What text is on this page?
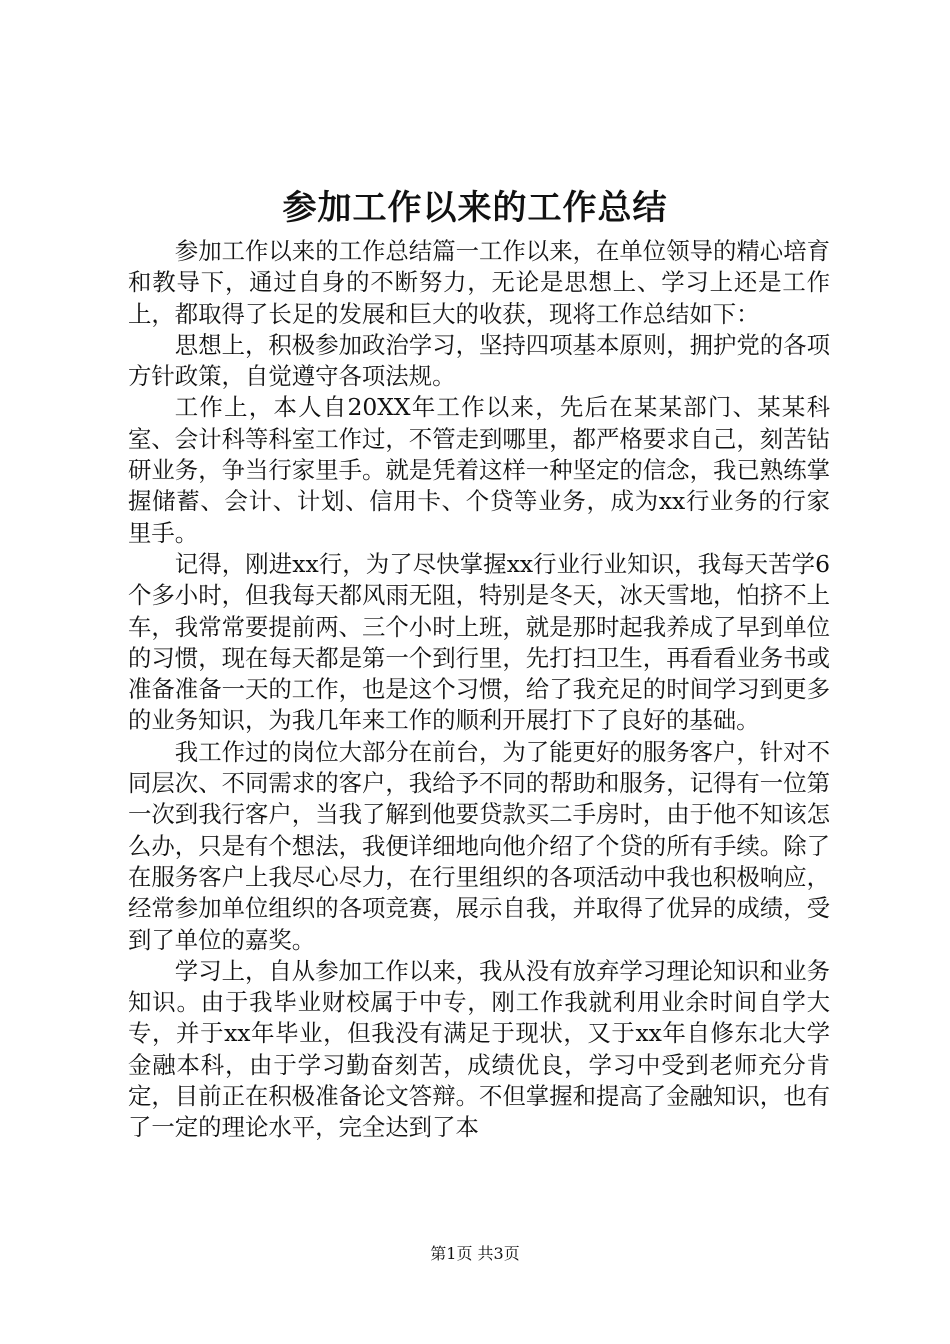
参加工作以来的工作总结

参加工作以来的工作总结篇一工作以来，在单位领导的精心培育和教导下，通过自身的不断努力，无论是思想上、学习上还是工作上，都取得了长足的发展和巨大的收获，现将工作总结如下：

思想上，积极参加政治学习，坚持四项基本原则，拥护党的各项方针政策，自觉遵守各项法规。

工作上，本人自20XX年工作以来，先后在某某部门、某某科室、会计科等科室工作过，不管走到哪里，都严格要求自己，刻苦钻研业务，争当行家里手。就是凭着这样一种坚定的信念，我已熟练掌握储蓄、会计、计划、信用卡、个贷等业务，成为xx行业务的行家里手。

记得，刚进xx行，为了尽快掌握xx行业行业知识，我每天苦学6个多小时，但我每天都风雨无阻，特别是冬天，冰天雪地，怕挤不上车，我常常要提前两、三个小时上班，就是那时起我养成了早到单位的习惯，现在每天都是第一个到行里，先打扫卫生，再看看业务书或准备准备一天的工作，也是这个习惯，给了我充足的时间学习到更多的业务知识，为我几年来工作的顺利开展打下了良好的基础。

我工作过的岗位大部分在前台，为了能更好的服务客户，针对不同层次、不同需求的客户，我给予不同的帮助和服务，记得有一位第一次到我行客户，当我了解到他要贷款买二手房时，由于他不知该怎么办，只是有个想法，我便详细地向他介绍了个贷的所有手续。除了在服务客户上我尽心尽力，在行里组织的各项活动中我也积极响应，经常参加单位组织的各项竞赛，展示自我，并取得了优异的成绩，受到了单位的嘉奖。

学习上，自从参加工作以来，我从没有放弃学习理论知识和业务知识。由于我毕业财校属于中专，刚工作我就利用业余时间自学大专，并于xx年毕业，但我没有满足于现状，又于xx年自修东北大学金融本科，由于学习勤奋刻苦，成绩优良，学习中受到老师充分肯定，目前正在积极准备论文答辩。不但掌握和提高了金融知识，也有了一定的理论水平，完全达到了本

第1页 共3页
